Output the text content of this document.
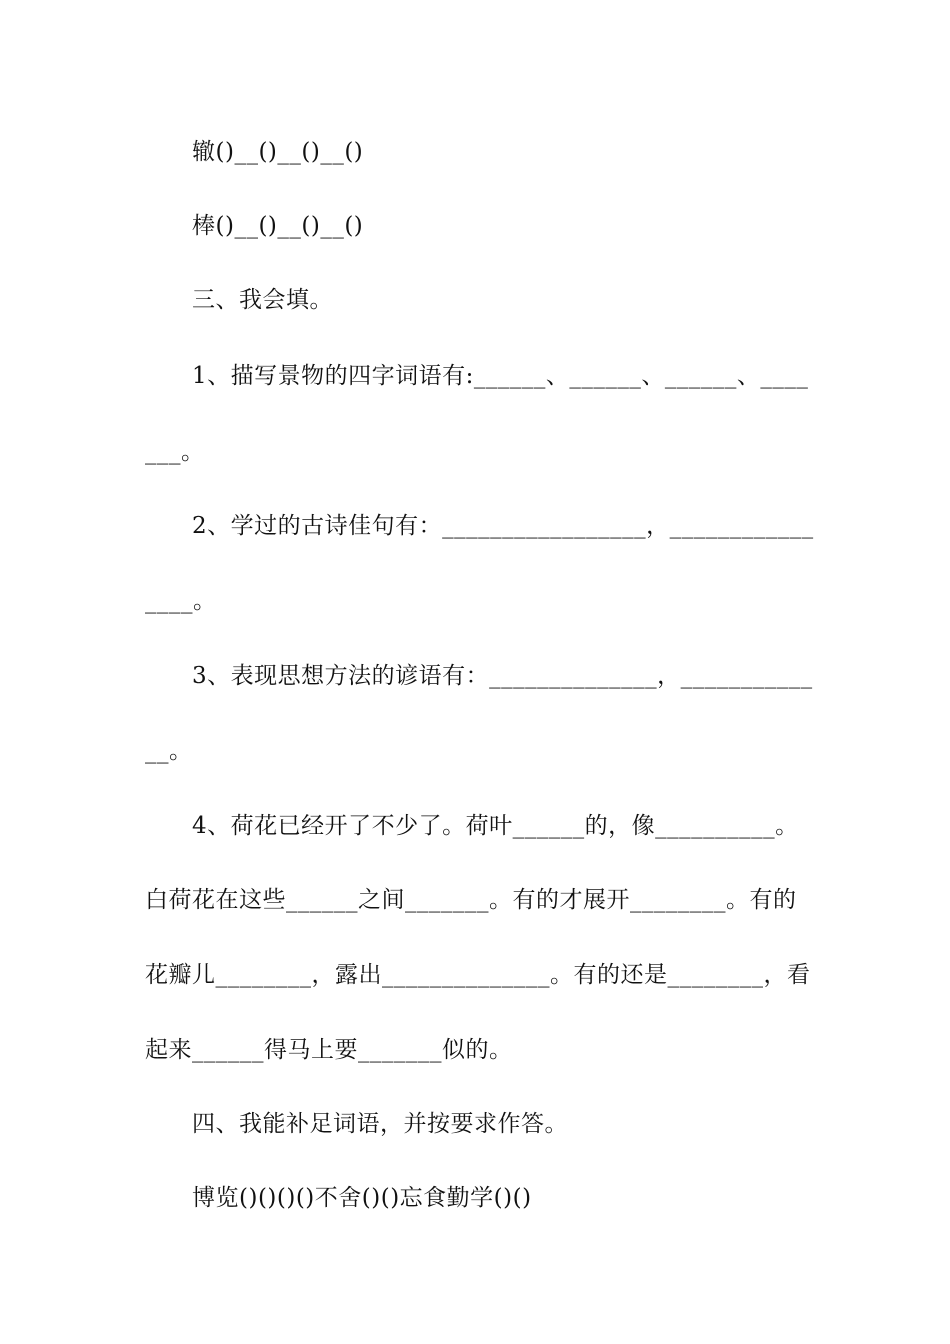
辙()__()__()__()
棒()__()__()__()
三、我会填。
1、描写景物的四字词语有:______、______、______、____
___。
2、学过的古诗佳句有：_________________，____________
____。
3、表现思想方法的谚语有：______________，___________
__。
4、荷花已经开了不少了。荷叶______的，像__________。
白荷花在这些______之间_______。有的才展开________。有的
花瓣儿________，露出______________。有的还是________，看
起来______得马上要_______似的。
四、我能补足词语，并按要求作答。
博览()()()()不舍()()忘食勤学()()
